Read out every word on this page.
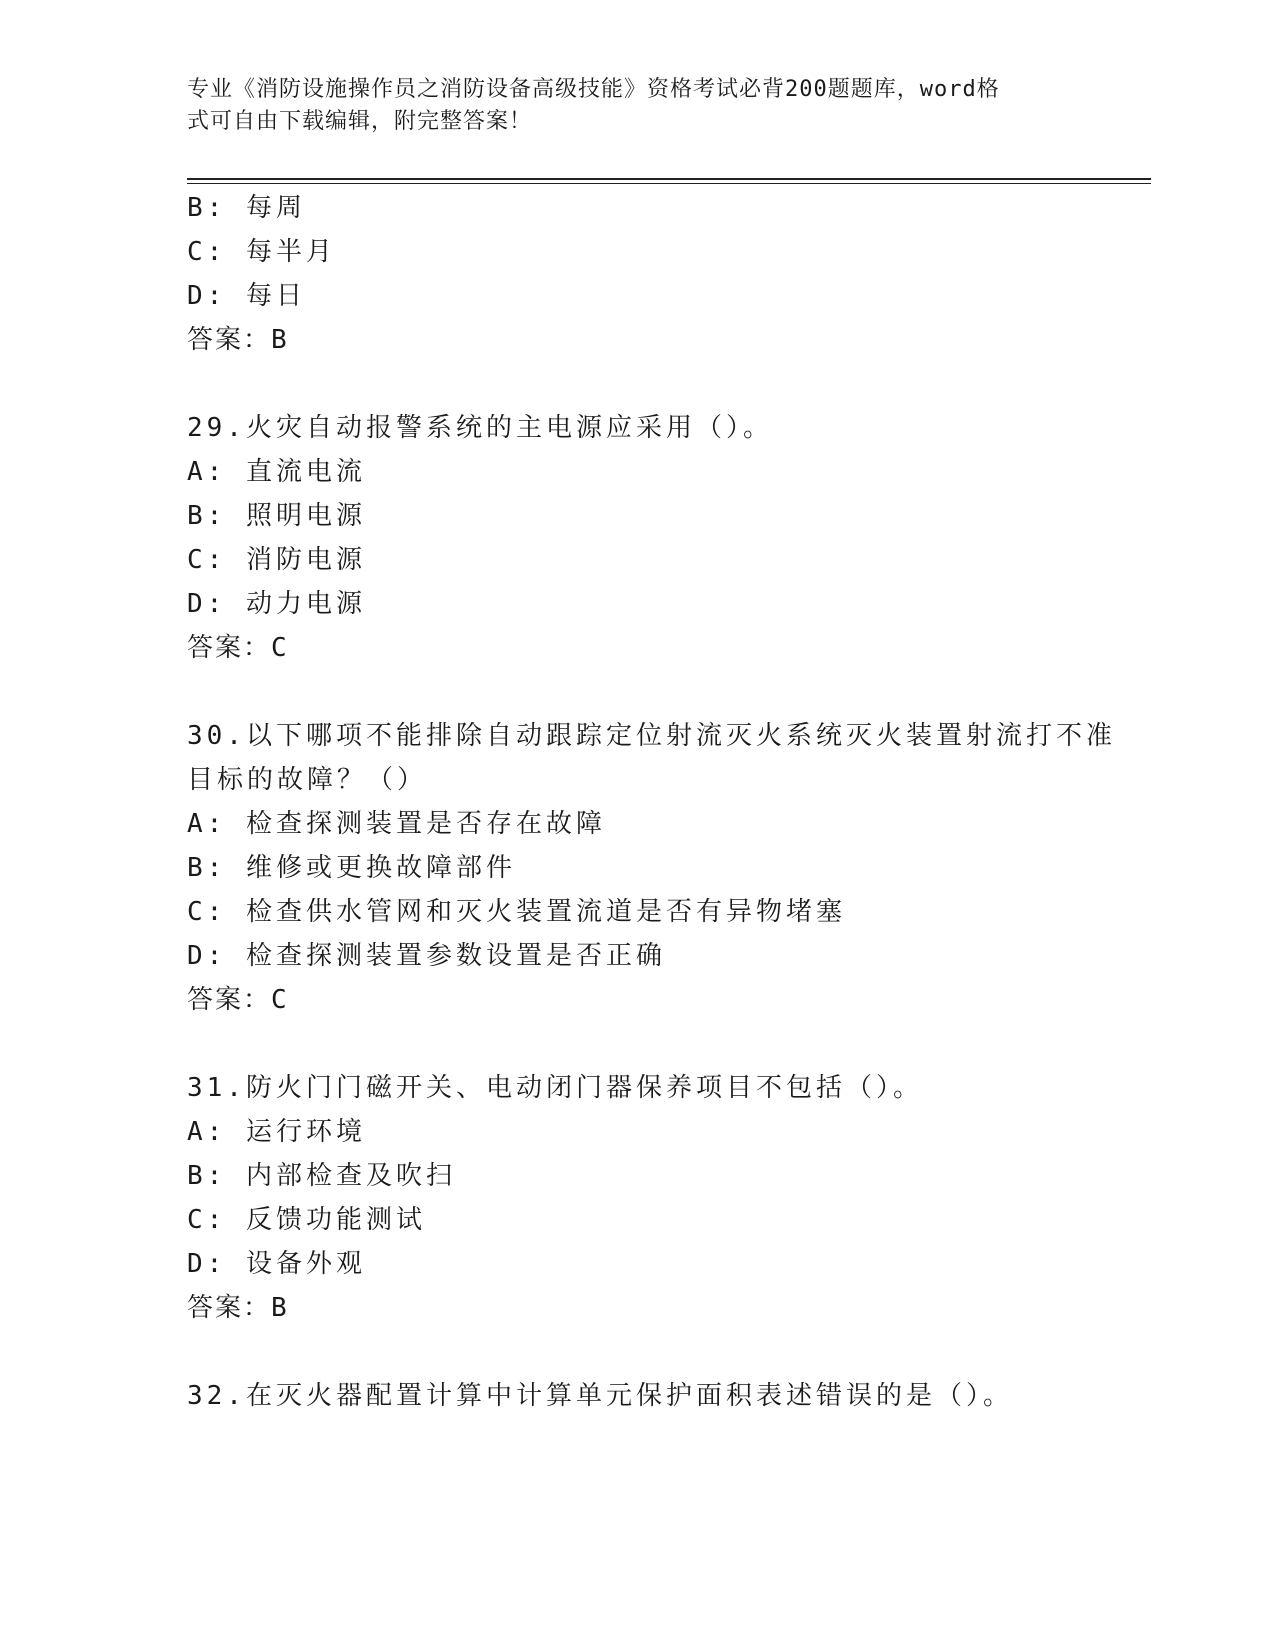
专业《消防设施操作员之消防设备高级技能》资格考试必背200题题库，word格
式可自由下载编辑，附完整答案！
B: 每周
C: 每半月
D: 每日
答案：B
29.火灾自动报警系统的主电源应采用（）。
A: 直流电流
B: 照明电源
C: 消防电源
D: 动力电源
答案：C
30.以下哪项不能排除自动跟踪定位射流灭火系统灭火装置射流打不准
目标的故障？（）
A: 检查探测装置是否存在故障
B: 维修或更换故障部件
C: 检查供水管网和灭火装置流道是否有异物堵塞
D: 检查探测装置参数设置是否正确
答案：C
31.防火门门磁开关、电动闭门器保养项目不包括（）。
A: 运行环境
B: 内部检查及吹扫
C: 反馈功能测试
D: 设备外观
答案：B
32.在灭火器配置计算中计算单元保护面积表述错误的是（）。
